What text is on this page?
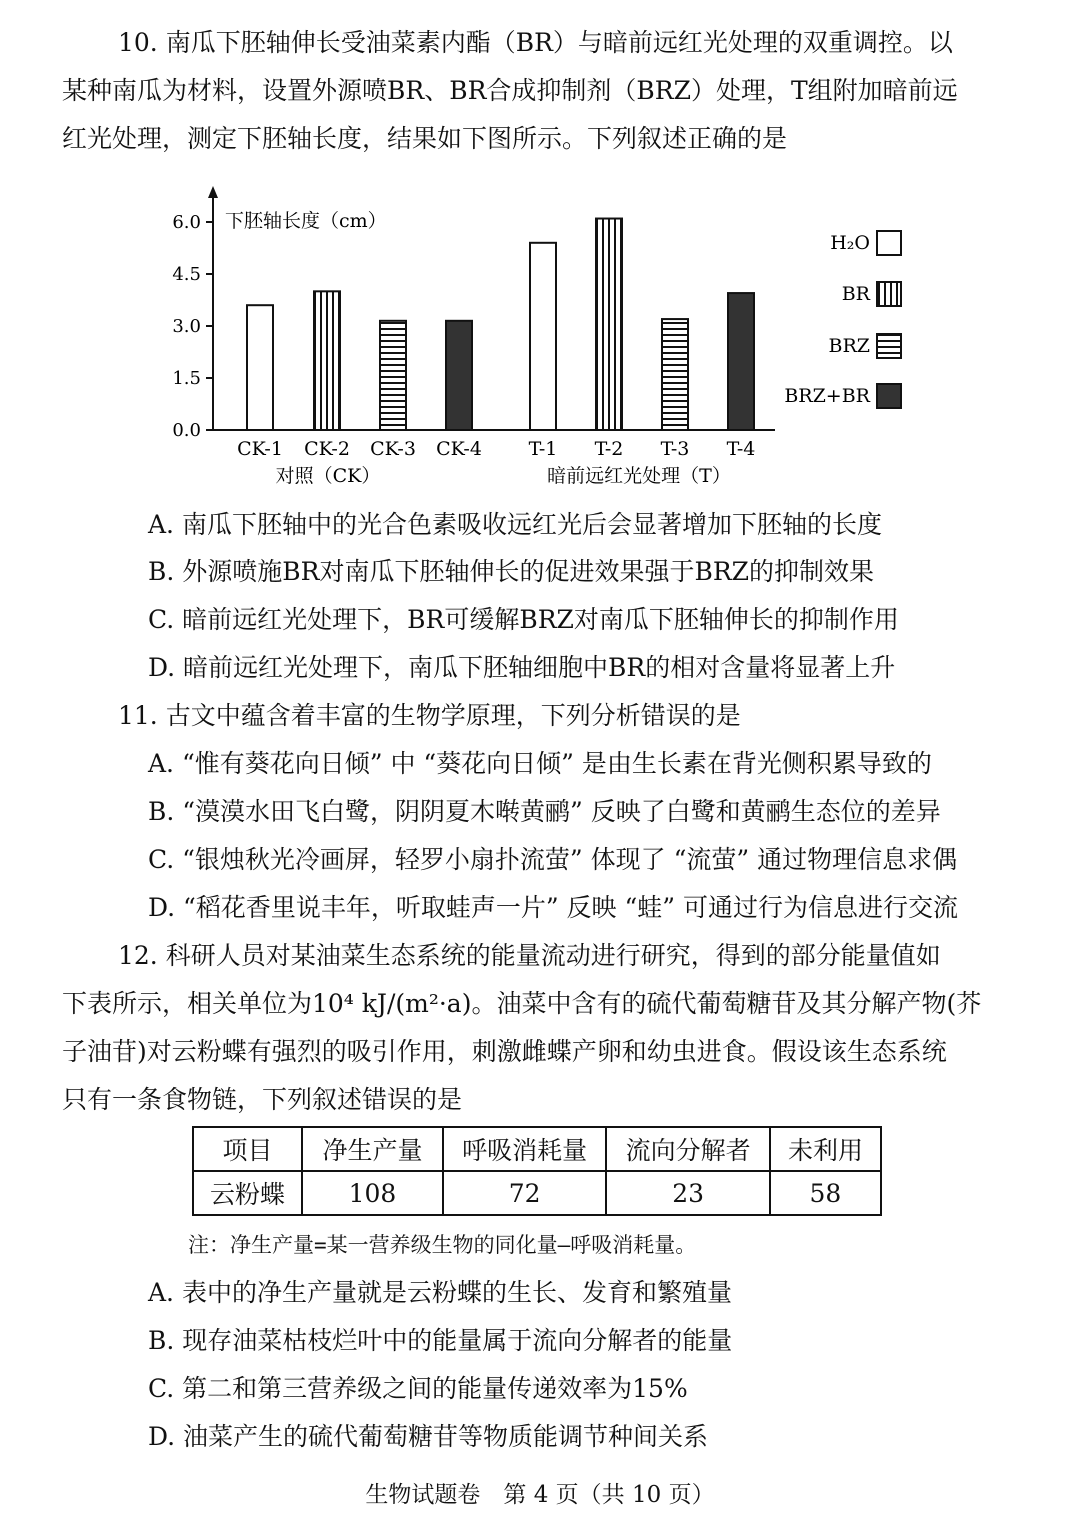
10. 南瓜下胚轴伸长受油菜素内酯（BR）与暗前远红光处理的双重调控。以
某种南瓜为材料，设置外源喷BR、BR合成抑制剂（BRZ）处理，T组附加暗前远
红光处理，测定下胚轴长度，结果如下图所示。下列叙述正确的是
下胚轴长度（cm）
0.0
1.5
3.0
4.5
6.0
CK-1 CK-2 CK-3 CK-4 T-1 T-2 T-3 T-4
对照（CK）	暗前远红光处理（T）
H₂O
BR
BRZ
BRZ+BR
A. 南瓜下胚轴中的光合色素吸收远红光后会显著增加下胚轴的长度
B. 外源喷施BR对南瓜下胚轴伸长的促进效果强于BRZ的抑制效果
C. 暗前远红光处理下，BR可缓解BRZ对南瓜下胚轴伸长的抑制作用
D. 暗前远红光处理下，南瓜下胚轴细胞中BR的相对含量将显著上升
11. 古文中蕴含着丰富的生物学原理，下列分析错误的是
A. “惟有葵花向日倾” 中 “葵花向日倾” 是由生长素在背光侧积累导致的
B. “漠漠水田飞白鹭，阴阴夏木啭黄鹂” 反映了白鹭和黄鹂生态位的差异
C. “银烛秋光冷画屏，轻罗小扇扑流萤” 体现了 “流萤” 通过物理信息求偶
D. “稻花香里说丰年，听取蛙声一片” 反映 “蛙” 可通过行为信息进行交流
12. 科研人员对某油菜生态系统的能量流动进行研究，得到的部分能量值如
下表所示，相关单位为10⁴ kJ/(m²·a)。油菜中含有的硫代葡萄糖苷及其分解产物(芥
子油苷)对云粉蝶有强烈的吸引作用，刺激雌蝶产卵和幼虫进食。假设该生态系统
只有一条食物链，下列叙述错误的是
项目	净生产量	呼吸消耗量	流向分解者	未利用
云粉蝶	108	72	23	58
注：净生产量=某一营养级生物的同化量—呼吸消耗量。
A. 表中的净生产量就是云粉蝶的生长、发育和繁殖量
B. 现存油菜枯枝烂叶中的能量属于流向分解者的能量
C. 第二和第三营养级之间的能量传递效率为15%
D. 油菜产生的硫代葡萄糖苷等物质能调节种间关系
生物试题卷　第 4 页（共 10 页）
